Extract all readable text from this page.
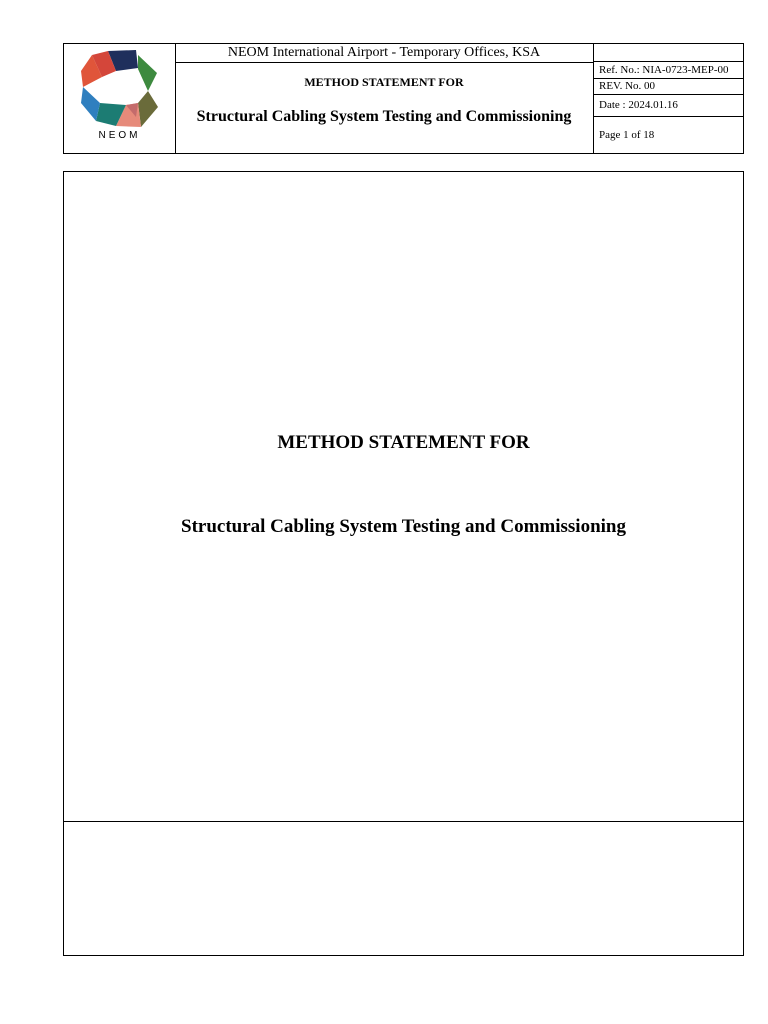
NEOM
NEOM International Airport - Temporary Offices, KSA
METHOD STATEMENT FOR
Structural Cabling System Testing and Commissioning
Ref. No.: NIA-0723-MEP-00
REV. No. 00
Date : 2024.01.16
Page 1 of 18
METHOD STATEMENT FOR
Structural Cabling System Testing and Commissioning
